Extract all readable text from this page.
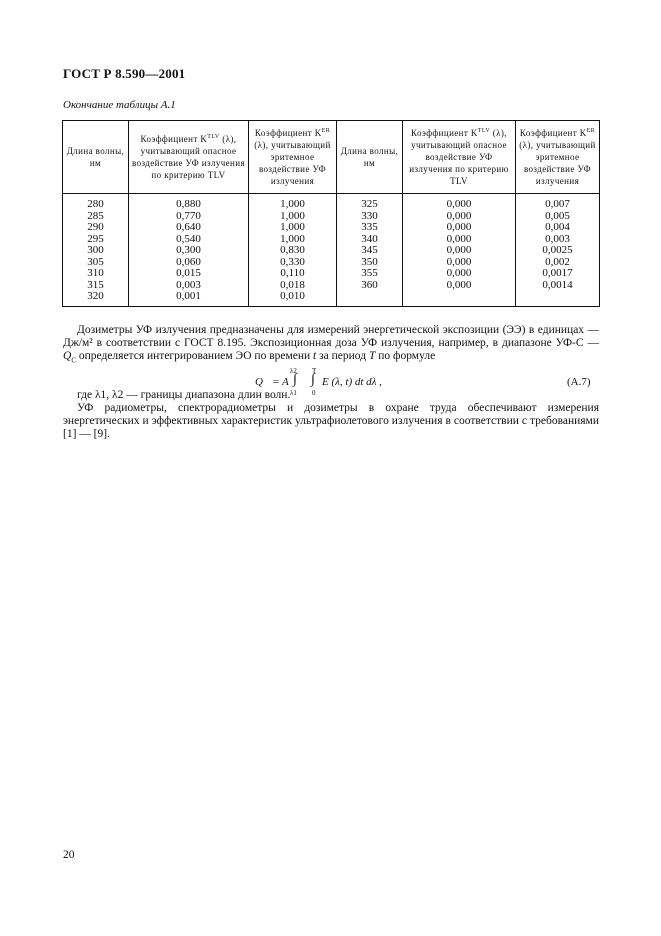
ГОСТ Р 8.590—2001
Окончание таблицы А.1
Длина волны, нм	Коэффициент $K^{TLV}$ (λ), учитывающий опасное воздействие УФ излучения по критерию TLV	Коэффициент $K^{ER}$ (λ), учитывающий эритемное воздействие УФ излучения	Длина волны, нм	Коэффициент $K^{TLV}$ (λ), учитывающий опасное воздействие УФ излучения по критерию TLV	Коэффициент $K^{ER}$ (λ), учитывающий эритемное воздействие УФ излучения
280	0,880	1,000	325	0,000	0,007
285	0,770	1,000	330	0,000	0,005
290	0,640	1,000	335	0,000	0,004
295	0,540	1,000	340	0,000	0,003
300	0,300	0,830	345	0,000	0,0025
305	0,060	0,330	350	0,000	0,002
310	0,015	0,110	355	0,000	0,0017
315	0,003	0,018	360	0,000	0,0014
320	0,001	0,010			
Дозиметры УФ излучения предназначены для измерений энергетической экспозиции (ЭЭ) в единицах — Дж/м² в соответствии с ГОСТ 8.195. Экспозиционная доза УФ излучения, например, в диапазоне УФ-С — $Q_С$ определяется интегрированием ЭО по времени t за период T по формуле
Q = A
λ2
∫
λ1
T
∫
0
E (λ, t) dt dλ ,	(А.7)
где λ1, λ2 — границы диапазона длин волн.
УФ радиометры, спектрорадиометры и дозиметры в охране труда обеспечивают измерения энергетических и эффективных характеристик ультрафиолетового излучения в соответствии с требованиями [1] — [9].
20
